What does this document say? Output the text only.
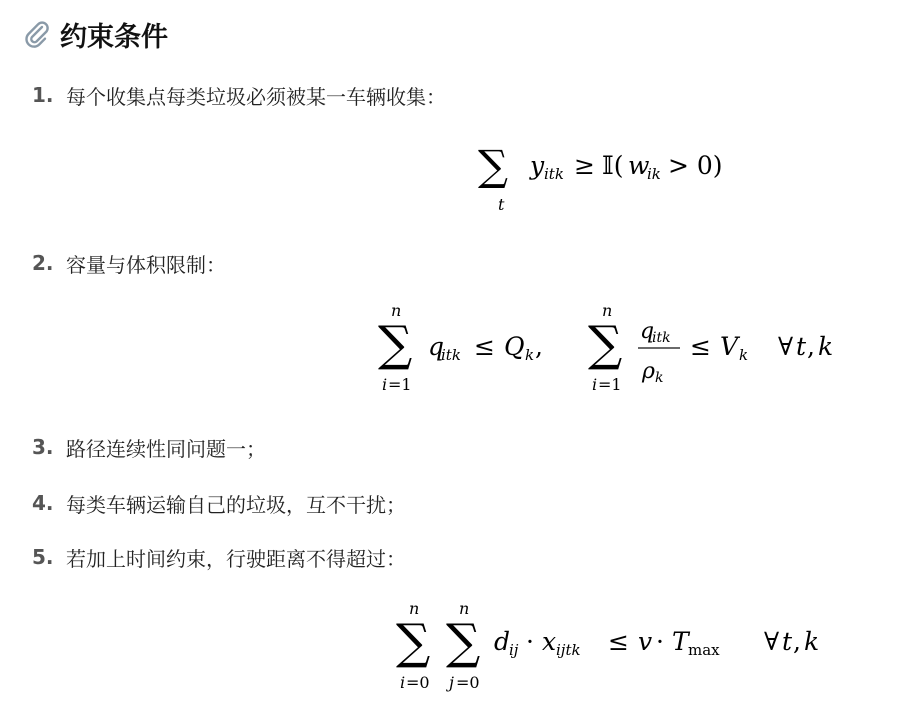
约束条件
1. 每个收集点每类垃圾必须被某一车辆收集：
∑
t
y itk ≥ 𝕀( w
ik > 0)
2. 容量与体积限制：
n
∑
i =1
q
itk ≤ Q k ,
n
∑
i =1
q
itk
ρ k
≤ V k ∀ t , k
3. 路径连续性同问题一；
4. 每类车辆运输自己的垃圾，互不干扰；
5. 若加上时间约束，行驶距离不得超过：
n
∑
i =0
n
∑
j =0
d
ij · x ijtk ≤ v · T max ∀ t , k
